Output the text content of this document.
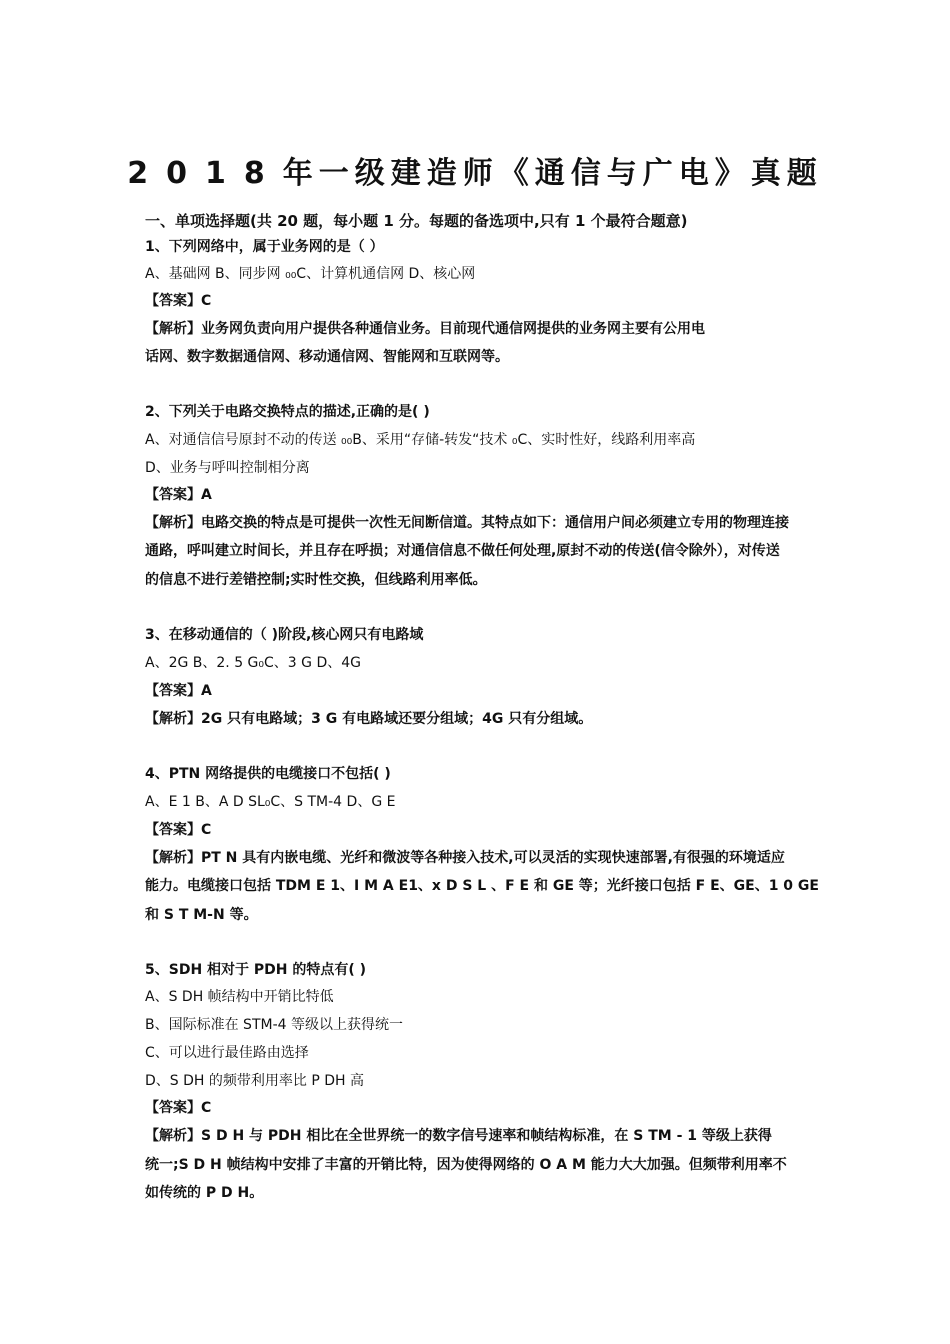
2018年一级建造师《通信与广电》真题
一、单项选择题(共 20 题，每小题 1 分。每题的备选项中,只有 1 个最符合题意)
1、下列网络中，属于业务网的是（ ）
A、基础网 B、同步网 ₀₀C、计算机通信网 D、核心网
【答案】C
【解析】业务网负责向用户提供各种通信业务。目前现代通信网提供的业务网主要有公用电
话网、数字数据通信网、移动通信网、智能网和互联网等。
2、下列关于电路交换特点的描述,正确的是( )
A、对通信信号原封不动的传送 ₀₀B、采用“存储-转发“技术 ₀C、实时性好，线路利用率高
D、业务与呼叫控制相分离
【答案】A
【解析】电路交换的特点是可提供一次性无间断信道。其特点如下：通信用户间必须建立专用的物理连接
通路，呼叫建立时间长，并且存在呼损；对通信信息不做任何处理,原封不动的传送(信令除外），对传送
的信息不进行差错控制;实时性交换，但线路利用率低。
3、在移动通信的（ )阶段,核心网只有电路域
A、2G B、2. 5 G₀C、3 G D、4G
【答案】A
【解析】2G 只有电路域；3 G 有电路域还要分组域；4G 只有分组域。
4、PTN 网络提供的电缆接口不包括( )
A、E 1 B、A D SL₀C、S TM-4 D、G E
【答案】C
【解析】PT N 具有内嵌电缆、光纤和微波等各种接入技术,可以灵活的实现快速部署,有很强的环境适应
能力。电缆接口包括 TDM E 1、I M A E1、x D S L 、F E 和 GE 等；光纤接口包括 F E、GE、1 0 GE
和 S T M-N 等。
5、SDH 相对于 PDH 的特点有( )
A、S DH 帧结构中开销比特低
B、国际标准在 STM-4 等级以上获得统一
C、可以进行最佳路由选择
D、S DH 的频带利用率比 P DH 高
【答案】C
【解析】S D H 与 PDH 相比在全世界统一的数字信号速率和帧结构标准，在 S TM - 1 等级上获得
统一;S D H 帧结构中安排了丰富的开销比特，因为使得网络的 O A M 能力大大加强。但频带利用率不
如传统的 P D H。
